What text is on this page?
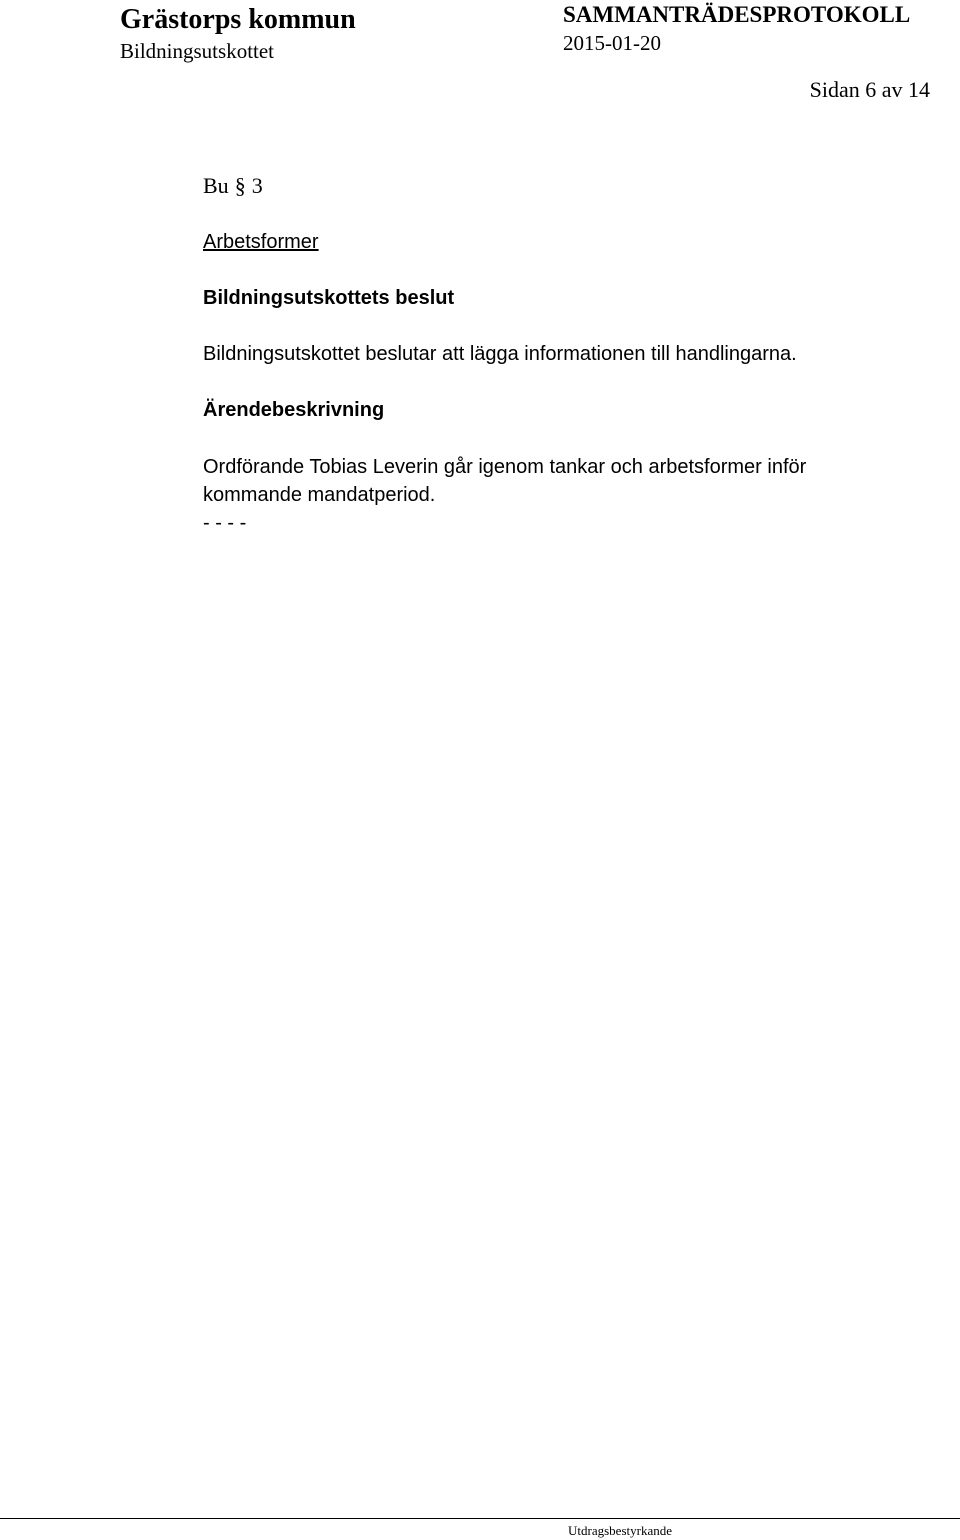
Grästorps kommun
Bildningsutskottet
SAMMANTRÄDESPROTOKOLL
2015-01-20
Sidan 6 av 14
Bu § 3
Arbetsformer
Bildningsutskottets beslut
Bildningsutskottet beslutar att lägga informationen till handlingarna.
Ärendebeskrivning

Ordförande Tobias Leverin går igenom tankar och arbetsformer inför

kommande mandatperiod.

- - - -

Utdragsbestyrkande
